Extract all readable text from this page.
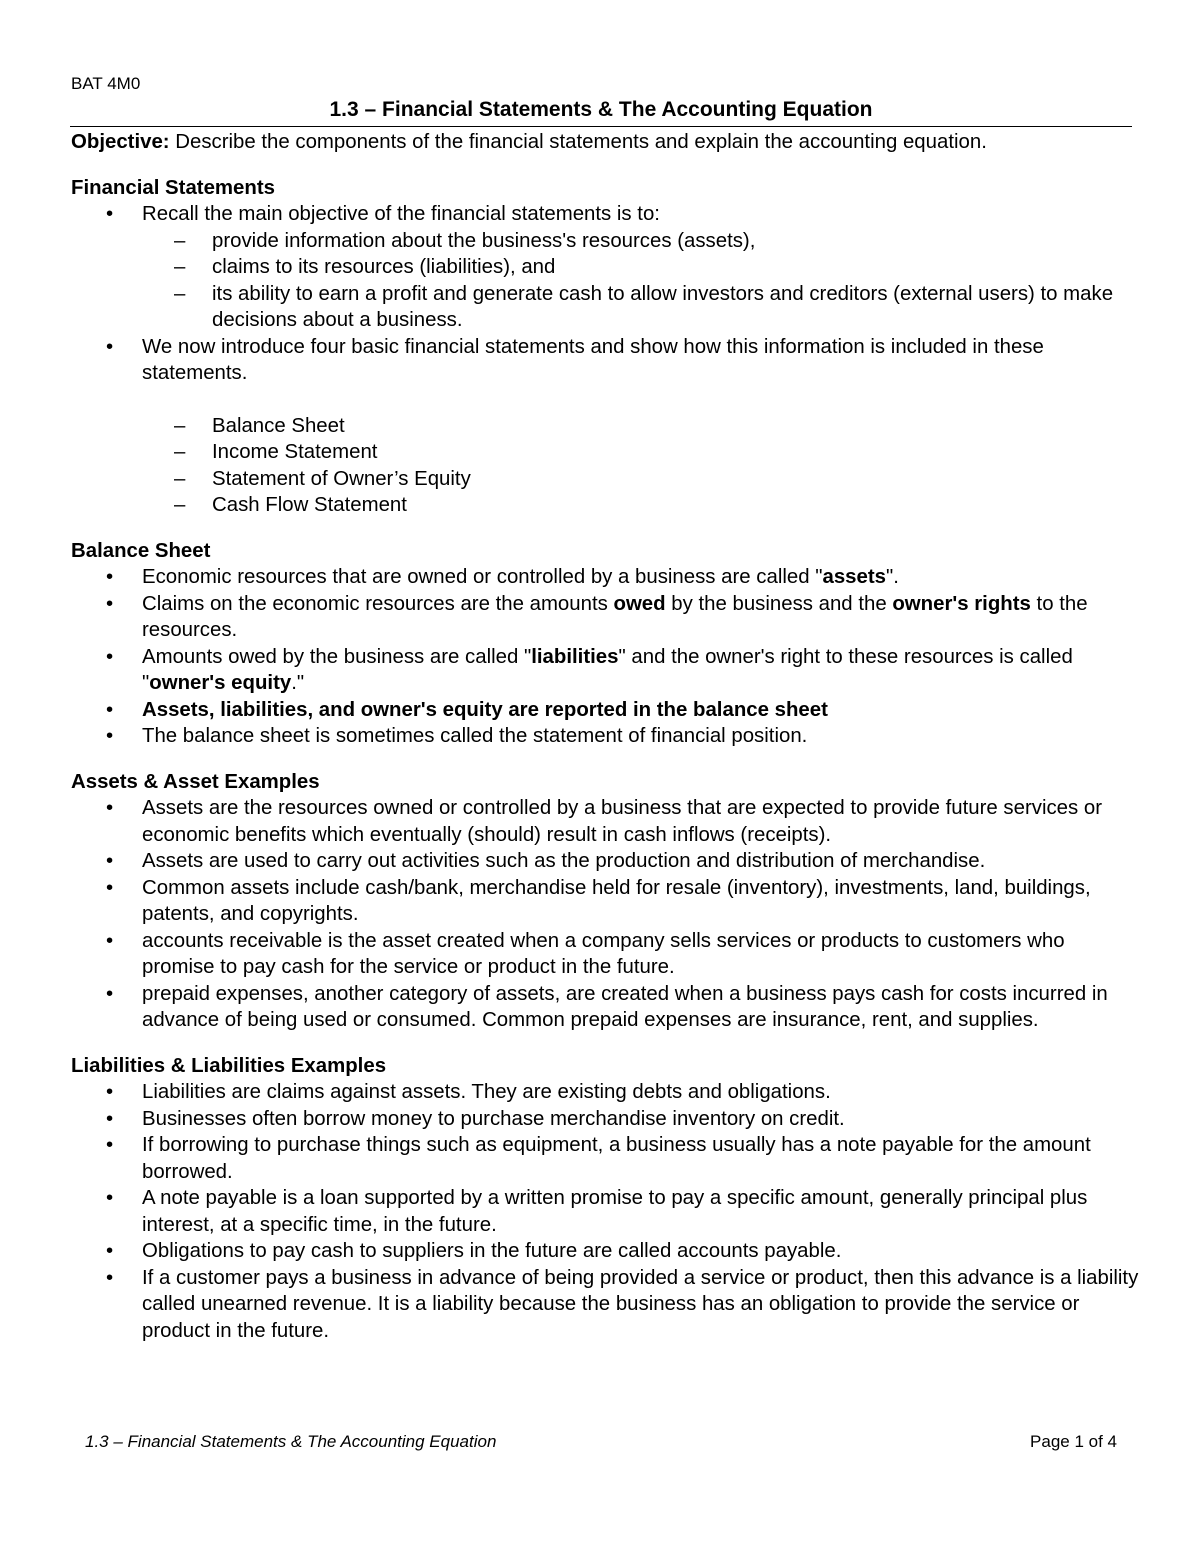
BAT 4M0
1.3 – Financial Statements & The Accounting Equation

Objective: Describe the components of the financial statements and explain the accounting equation.

Financial Statements
• Recall the main objective of the financial statements is to:
– provide information about the business's resources (assets),
– claims to its resources (liabilities), and
– its ability to earn a profit and generate cash to allow investors and creditors (external users) to make decisions about a business.
• We now introduce four basic financial statements and show how this information is included in these statements.
– Balance Sheet
– Income Statement
– Statement of Owner’s Equity
– Cash Flow Statement
Balance Sheet
• Economic resources that are owned or controlled by a business are called "assets".
• Claims on the economic resources are the amounts owed by the business and the owner's rights to the resources.
• Amounts owed by the business are called "liabilities" and the owner's right to these resources is called "owner's equity."
• Assets, liabilities, and owner's equity are reported in the balance sheet
• The balance sheet is sometimes called the statement of financial position.
Assets & Asset Examples
• Assets are the resources owned or controlled by a business that are expected to provide future services or economic benefits which eventually (should) result in cash inflows (receipts).
• Assets are used to carry out activities such as the production and distribution of merchandise.
• Common assets include cash/bank, merchandise held for resale (inventory), investments, land, buildings, patents, and copyrights.
• accounts receivable is the asset created when a company sells services or products to customers who promise to pay cash for the service or product in the future.
• prepaid expenses, another category of assets, are created when a business pays cash for costs incurred in advance of being used or consumed. Common prepaid expenses are insurance, rent, and supplies.
Liabilities & Liabilities Examples
• Liabilities are claims against assets. They are existing debts and obligations.
• Businesses often borrow money to purchase merchandise inventory on credit.
• If borrowing to purchase things such as equipment, a business usually has a note payable for the amount borrowed.
• A note payable is a loan supported by a written promise to pay a specific amount, generally principal plus interest, at a specific time, in the future.
• Obligations to pay cash to suppliers in the future are called accounts payable.
• If a customer pays a business in advance of being provided a service or product, then this advance is a liability called unearned revenue. It is a liability because the business has an obligation to provide the service or product in the future.
1.3 – Financial Statements & The Accounting Equation	Page 1 of 4
